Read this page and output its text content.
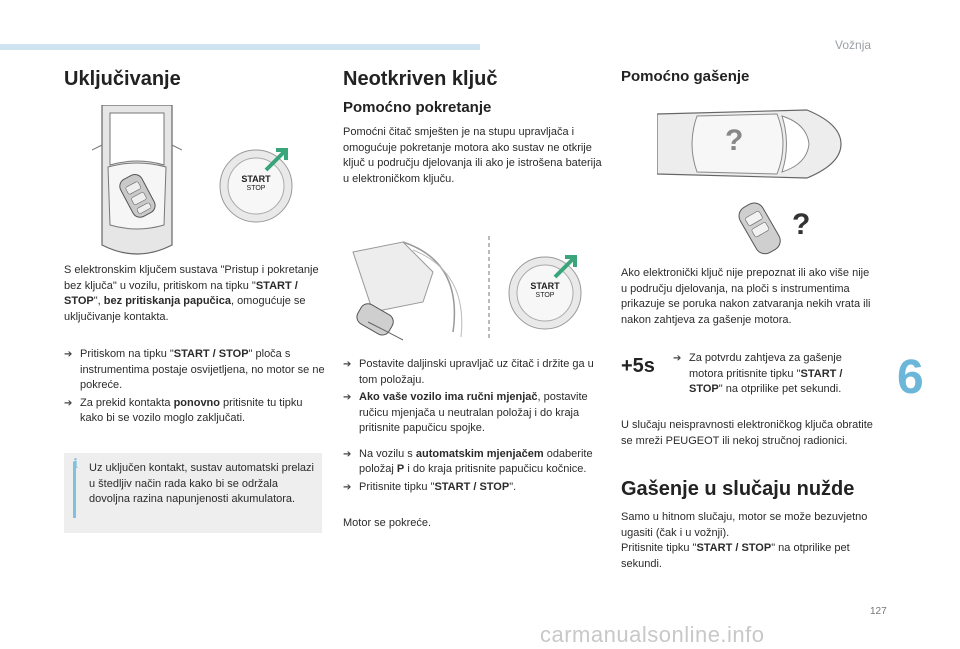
Vožnja
6
Uključivanje
START
STOP

S elektronskim ključem sustava "Pristup i pokretanje bez ključa" u vozilu, pritiskom na tipku "START / STOP", bez pritiskanja papučica, omogućuje se uključivanje kontakta.

➔ Pritiskom na tipku "START / STOP" ploča s instrumentima postaje osvijetljena, no motor se ne pokreće.
➔ Za prekid kontakta ponovno pritisnite tu tipku kako bi se vozilo moglo zaključati.
i Uz uključen kontakt, sustav automatski prelazi u štedljiv način rada kako bi se održala dovoljna razina napunjenosti akumulatora.
Neotkriven ključ
Pomoćno pokretanje

Pomoćni čitač smješten je na stupu upravljača i omogućuje pokretanje motora ako sustav ne otkrije ključ u području djelovanja ili ako je istrošena baterija u elektroničkom ključu.

START
STOP
➔ Postavite daljinski upravljač uz čitač i držite ga u tom položaju.
➔ Ako vaše vozilo ima ručni mjenjač, postavite ručicu mjenjača u neutralan položaj i do kraja pritisnite papučicu spojke.
➔ Na vozilu s automatskim mjenjačem odaberite položaj P i do kraja pritisnite papučicu kočnice.
➔ Pritisnite tipku "START / STOP".

Motor se pokreće.

Pomoćno gašenje
?
?

Ako elektronički ključ nije prepoznat ili ako više nije u području djelovanja, na ploči s instrumentima prikazuje se poruka nakon zatvaranja nekih vrata ili nakon zahtjeva za gašenje motora.

+5s	➔ Za potvrdu zahtjeva za gašenje motora pritisnite tipku "START / STOP" na otprilike pet sekundi.

U slučaju neispravnosti elektroničkog ključa obratite se mreži PEUGEOT ili nekoj stručnoj radionici.

Gašenje u slučaju nužde

Samo u hitnom slučaju, motor se može bezuvjetno ugasiti (čak i u vožnji).
Pritisnite tipku "START / STOP" na otprilike pet sekundi.

127
carmanualsonline.info
